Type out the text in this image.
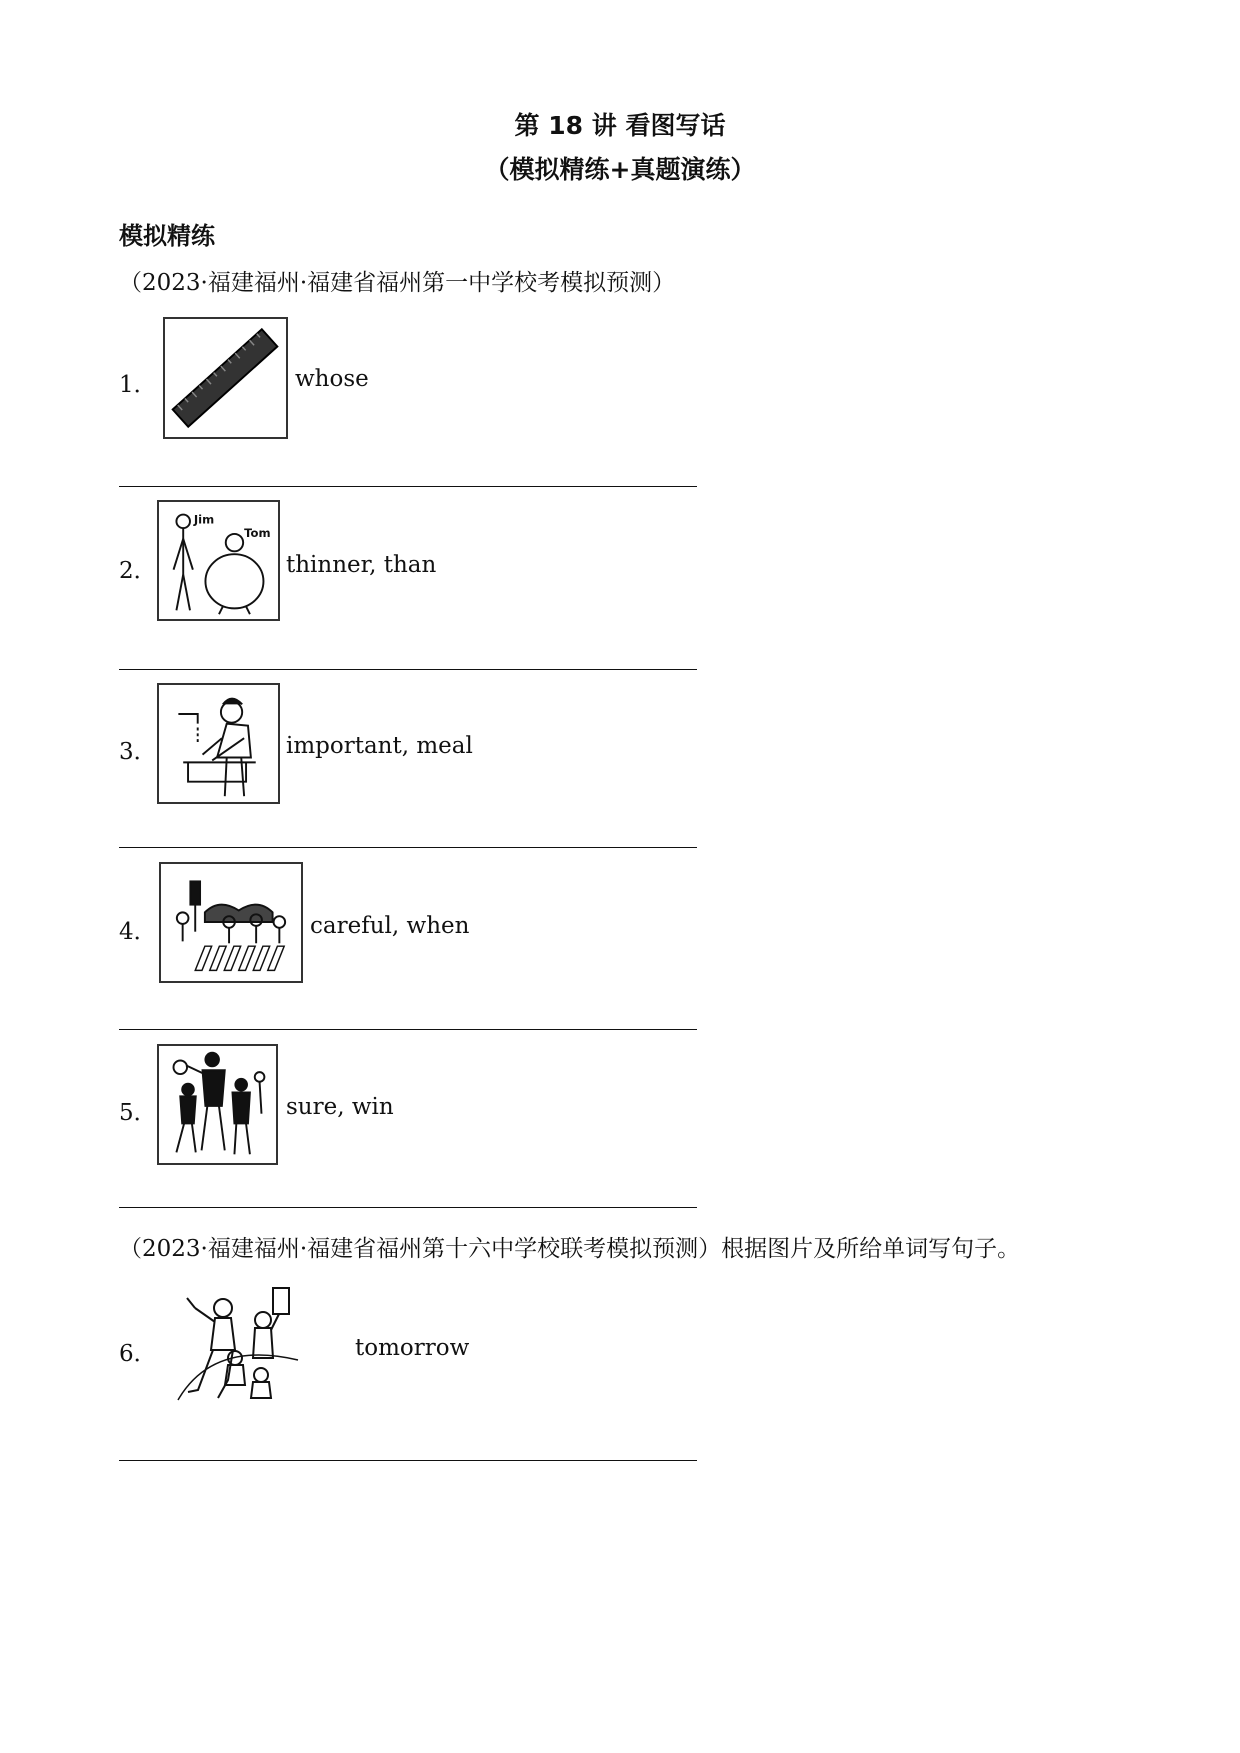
第 18 讲 看图写话
（模拟精练+真题演练）
模拟精练
（2023·福建福州·福建省福州第一中学校考模拟预测）
1．	whose
2．
Jim
Tom
thinner, than
3．	important, meal
4．	careful, when
5．	sure, win
（2023·福建福州·福建省福州第十六中学校联考模拟预测）根据图片及所给单词写句子。
6．	tomorrow
